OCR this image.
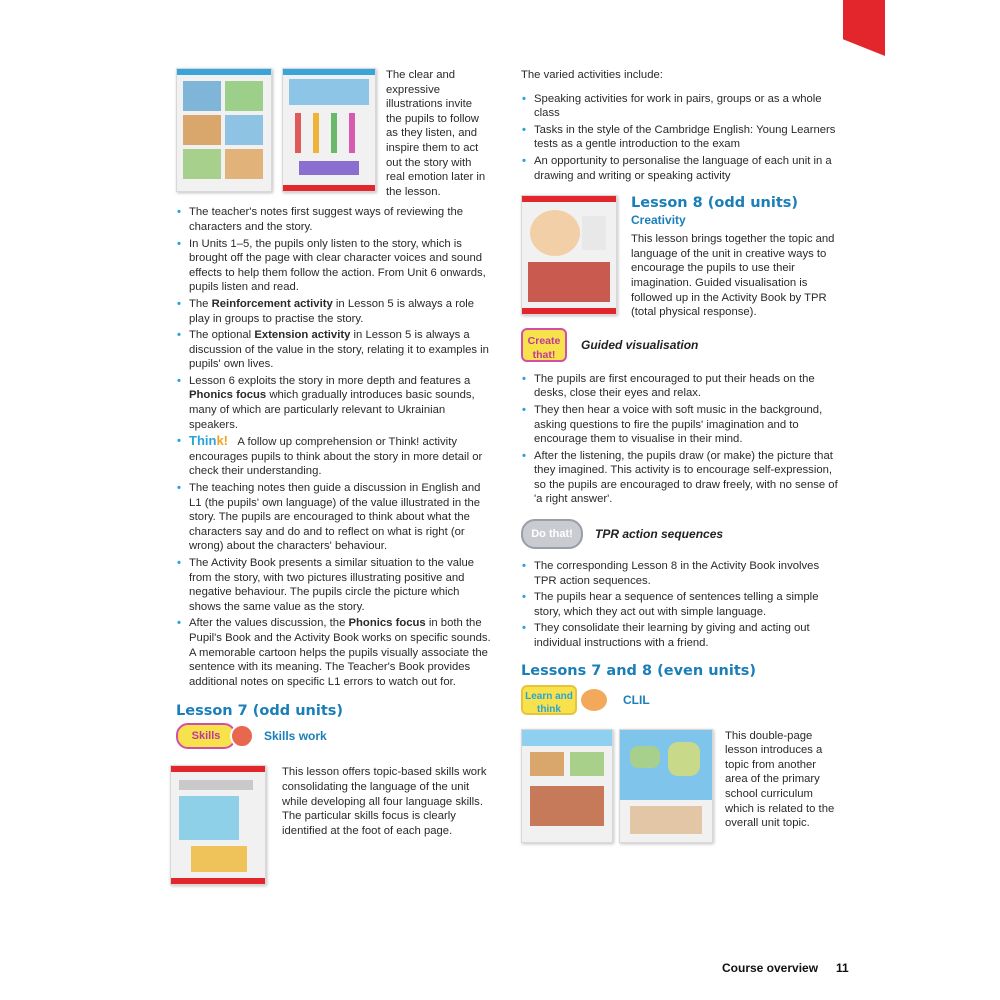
The clear and expressive illustrations invite the pupils to follow as they listen, and inspire them to act out the story with real emotion later in the lesson.
• The teacher's notes first suggest ways of reviewing the characters and the story.
• In Units 1–5, the pupils only listen to the story, which is brought off the page with clear character voices and sound effects to help them follow the action. From Unit 6 onwards, pupils listen and read.
• The Reinforcement activity in Lesson 5 is always a role play in groups to practise the story.
• The optional Extension activity in Lesson 5 is always a discussion of the value in the story, relating it to examples in pupils' own lives.
• Lesson 6 exploits the story in more depth and features a Phonics focus which gradually introduces basic sounds, many of which are particularly relevant to Ukrainian speakers.
• Think! A follow up comprehension or Think! activity encourages pupils to think about the story in more detail or check their understanding.
• The teaching notes then guide a discussion in English and L1 (the pupils' own language) of the value illustrated in the story. The pupils are encouraged to think about what the characters say and do and to reflect on what is right (or wrong) about the characters' behaviour.
• The Activity Book presents a similar situation to the value from the story, with two pictures illustrating positive and negative behaviour. The pupils circle the picture which shows the same value as the story.
• After the values discussion, the Phonics focus in both the Pupil's Book and the Activity Book works on specific sounds. A memorable cartoon helps the pupils visually associate the sentence with its meaning. The Teacher's Book provides additional notes on specific L1 errors to watch out for.
Lesson 7 (odd units)
Skills	Skills work
This lesson offers topic-based skills work consolidating the language of the unit while developing all four language skills. The particular skills focus is clearly identified at the foot of each page.
The varied activities include:
• Speaking activities for work in pairs, groups or as a whole class
• Tasks in the style of the Cambridge English: Young Learners tests as a gentle introduction to the exam
• An opportunity to personalise the language of each unit in a drawing and writing or speaking activity
Lesson 8 (odd units)
Creativity
This lesson brings together the topic and language of the unit in creative ways to encourage the pupils to use their imagination. Guided visualisation is followed up in the Activity Book by TPR (total physical response).
Create that!
Guided visualisation
• The pupils are first encouraged to put their heads on the desks, close their eyes and relax.
• They then hear a voice with soft music in the background, asking questions to fire the pupils' imagination and to encourage them to visualise in their mind.
• After the listening, the pupils draw (or make) the picture that they imagined. This activity is to encourage self-expression, so the pupils are encouraged to draw freely, with no sense of 'a right answer'.
Do that!	TPR action sequences
• The corresponding Lesson 8 in the Activity Book involves TPR action sequences.
• The pupils hear a sequence of sentences telling a simple story, which they act out with simple language.
• They consolidate their learning by giving and acting out individual instructions with a friend.
Lessons 7 and 8 (even units)
Learn and think
CLIL
This double-page lesson introduces a topic from another area of the primary school curriculum which is related to the overall unit topic.
Course overview 11
